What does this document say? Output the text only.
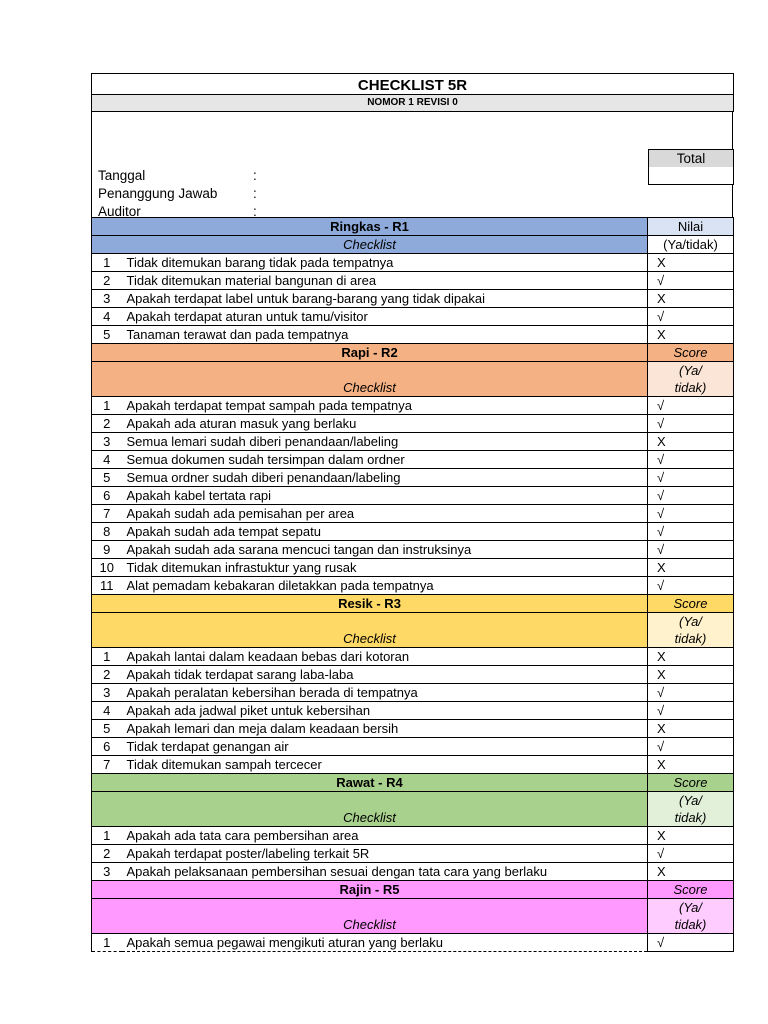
CHECKLIST 5R
NOMOR 1 REVISI 0
Tanggal	:
Penanggung Jawab	:
Auditor	:
Total
Ringkas - R1		Nilai
Checklist		(Ya/tidak)
1	Tidak ditemukan barang tidak pada tempatnya	X
2	Tidak ditemukan material bangunan di area	√
3	Apakah terdapat label untuk barang-barang yang tidak dipakai	X
4	Apakah terdapat aturan untuk tamu/visitor	√
5	Tanaman terawat dan pada tempatnya	X
Rapi - R2		Score
Checklist		(Ya/
tidak)

1	Apakah terdapat tempat sampah pada tempatnya	√
2	Apakah ada aturan masuk yang berlaku	√
3	Semua lemari sudah diberi penandaan/labeling	X
4	Semua dokumen sudah tersimpan dalam ordner	√
5	Semua ordner sudah diberi penandaan/labeling	√
6	Apakah kabel tertata rapi	√
7	Apakah sudah ada pemisahan per area	√
8	Apakah sudah ada tempat sepatu	√
9	Apakah sudah ada sarana mencuci tangan dan instruksinya	√
10	Tidak ditemukan infrastuktur yang rusak	X
11	Alat pemadam kebakaran diletakkan pada tempatnya	√
Resik - R3		Score
Checklist		(Ya/
tidak)

1	Apakah lantai dalam keadaan bebas dari kotoran	X
2	Apakah tidak terdapat sarang laba-laba	X
3	Apakah peralatan kebersihan berada di tempatnya	√
4	Apakah ada jadwal piket untuk kebersihan	√
5	Apakah lemari dan meja dalam keadaan bersih	X
6	Tidak terdapat genangan air	√
7	Tidak ditemukan sampah tercecer	X
Rawat - R4		Score
Checklist		(Ya/
tidak)

1	Apakah ada tata cara pembersihan area	X
2	Apakah terdapat poster/labeling terkait 5R	√
3	Apakah pelaksanaan pembersihan sesuai dengan tata cara yang berlaku	X
Rajin - R5		Score
Checklist		(Ya/
tidak)

1	Apakah semua pegawai mengikuti aturan yang berlaku	√
